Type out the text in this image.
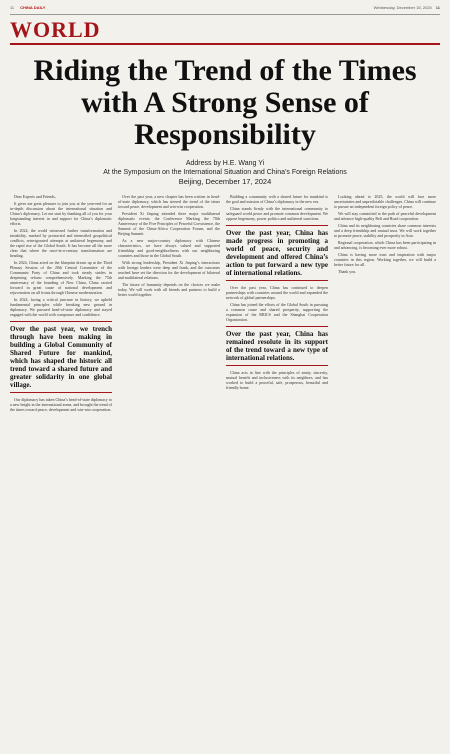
11 CHINA DAILY	Wednesday, December 15, 2024 11
WORLD
Riding the Trend of the Times with A Strong Sense of Responsibility
Address by H.E. Wang Yi
At the Symposium on the International Situation and China’s Foreign Relations
Beijing, December 17, 2024

Dear Experts and Friends,

It gives me great pleasure to join you at the year-end for an in-depth discussion about the international situation and China’s diplomacy. Let me start by thanking all of you for your longstanding interest in and support for China’s diplomatic efforts.

In 2024, the world witnessed further transformation and instability, marked by protracted and intensified geopolitical conflicts, reinvigorated attempts at unilateral hegemony, and the rapid rise of the Global South. It has become all the more clear that where the once-in-a-century transformation are heading.

In 2024, China acted on the blueprint drawn up at the Third Plenary Session of the 20th Central Committee of the Communist Party of China and took steady strides in deepening reform comprehensively. Marking the 75th anniversary of the founding of New China, China carried forward in great cause of national development and rejuvenation on all fronts through Chinese modernization.

In 2024, facing a critical juncture in history, we upheld fundamental principles while breaking new ground in diplomacy. We pursued head-of-state diplomacy and stayed engaged with the world with composure and confidence.

Over the past year, we trench through have been making in building a Global Community of Shared Future for mankind, which has shaped the historic all trend toward a shared future and greater solidarity in one global village.

Our diplomacy has taken China’s head-of-state diplomacy to a new height in the international arena, and brought the trend of the times toward peace, development and win-win cooperation.

Over the past year, a new chapter has been written in head-of-state diplomacy, which has steered the trend of the times toward peace, development and win-win cooperation.

President Xi Jinping attended three major multilateral diplomatic events: the Conference Marking the 70th Anniversary of the Five Principles of Peaceful Coexistence, the Summit of the China-Africa Cooperation Forum, and the Beijing Summit.

As a new major-country diplomacy with Chinese characteristics, we have always valued and supported friendship and good-neighborliness with our neighboring countries and those in the Global South.

With strong leadership, President Xi Jinping’s interactions with foreign leaders were deep and frank, and the outcomes reached have set the direction for the development of bilateral and multilateral relations.

The future of humanity depends on the choices we make today. We will work with all friends and partners to build a better world together.

Building a community with a shared future for mankind is the goal and mission of China’s diplomacy in the new era.

China stands firmly with the international community to safeguard world peace and promote common development. We oppose hegemony, power politics and unilateral sanctions.

Over the past year, China has made progress in promoting a world of peace, security and development and offered China’s action to put forward a new type of international relations.

Over the past year, China has continued to deepen partnerships with countries around the world and expanded the network of global partnerships.

China has joined the efforts of the Global South in pursuing a common cause and shared prosperity, supporting the expansion of the BRICS and the Shanghai Cooperation Organization.

Over the past year, China has remained resolute in its support of the trend toward a new type of international relations.

China acts in line with the principles of amity, sincerity, mutual benefit and inclusiveness with its neighbors, and has worked to build a peaceful, safe, prosperous, beautiful and friendly home.

Looking ahead to 2025, the world will face more uncertainties and unpredictable challenges. China will continue to pursue an independent foreign policy of peace.

We will stay committed to the path of peaceful development and advance high-quality Belt and Road cooperation.

China and its neighboring countries share common interests and a deep friendship and mutual trust. We will work together to promote peace, stability and prosperity in Asia.

Regional cooperation, which China has been participating in and advancing, is becoming ever more robust.

China is having more trust and inspiration with major countries in this region. Working together, we will build a better future for all.

Thank you.
